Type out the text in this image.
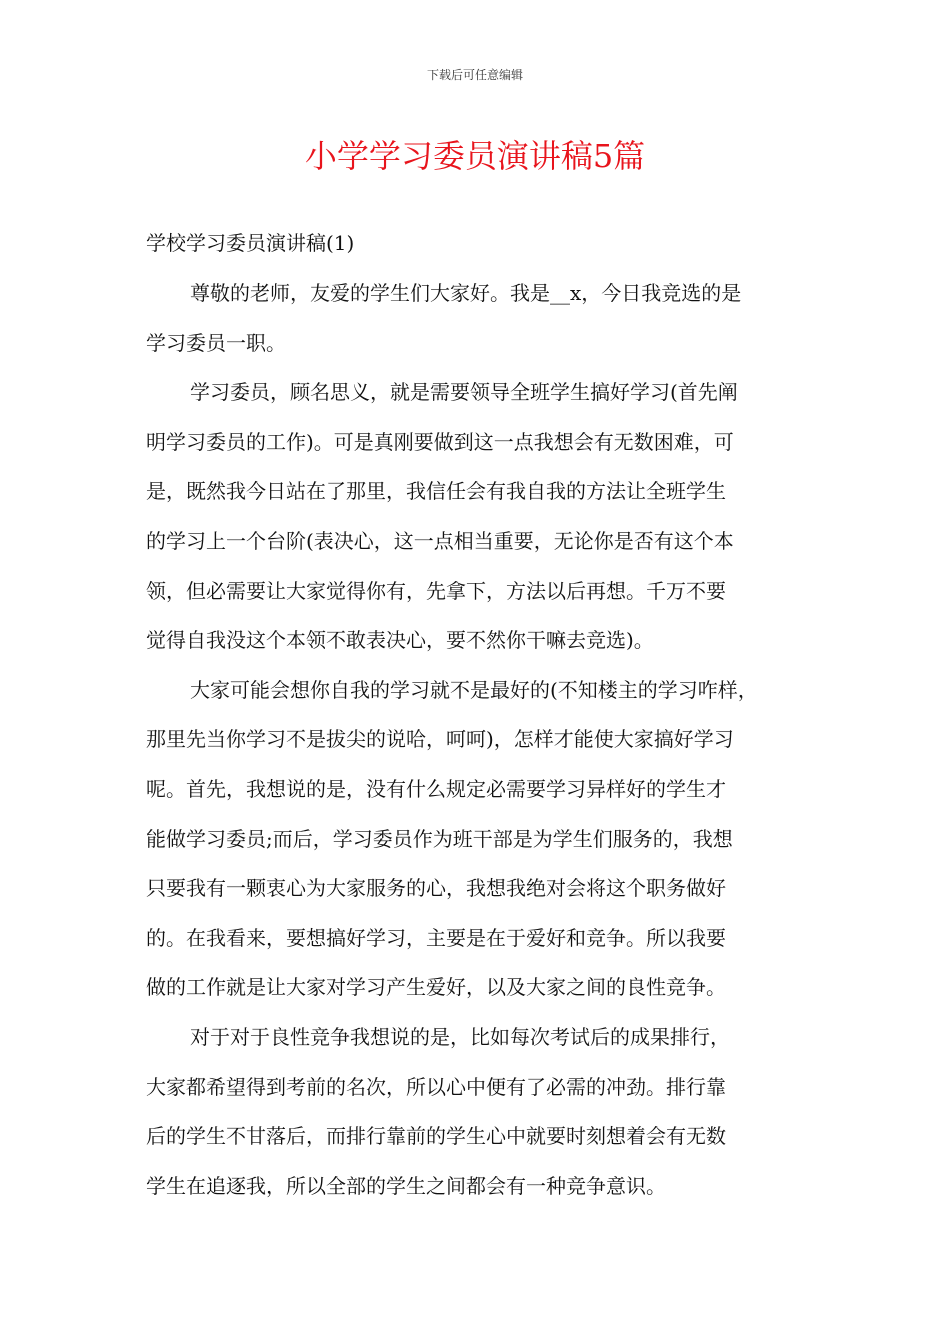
下载后可任意编辑
小学学习委员演讲稿5篇
学校学习委员演讲稿(1)
尊敬的老师，友爱的学生们大家好。我是__x，今日我竞选的是
学习委员一职。
学习委员，顾名思义，就是需要领导全班学生搞好学习(首先阐
明学习委员的工作)。可是真刚要做到这一点我想会有无数困难，可
是，既然我今日站在了那里，我信任会有我自我的方法让全班学生
的学习上一个台阶(表决心，这一点相当重要，无论你是否有这个本
领，但必需要让大家觉得你有，先拿下，方法以后再想。千万不要
觉得自我没这个本领不敢表决心，要不然你干嘛去竞选)。
大家可能会想你自我的学习就不是最好的(不知楼主的学习咋样，
那里先当你学习不是拔尖的说哈，呵呵)，怎样才能使大家搞好学习
呢。首先，我想说的是，没有什么规定必需要学习异样好的学生才
能做学习委员;而后，学习委员作为班干部是为学生们服务的，我想
只要我有一颗衷心为大家服务的心，我想我绝对会将这个职务做好
的。在我看来，要想搞好学习，主要是在于爱好和竞争。所以我要
做的工作就是让大家对学习产生爱好，以及大家之间的良性竞争。
对于对于良性竞争我想说的是，比如每次考试后的成果排行，
大家都希望得到考前的名次，所以心中便有了必需的冲劲。排行靠
后的学生不甘落后，而排行靠前的学生心中就要时刻想着会有无数
学生在追逐我，所以全部的学生之间都会有一种竞争意识。
